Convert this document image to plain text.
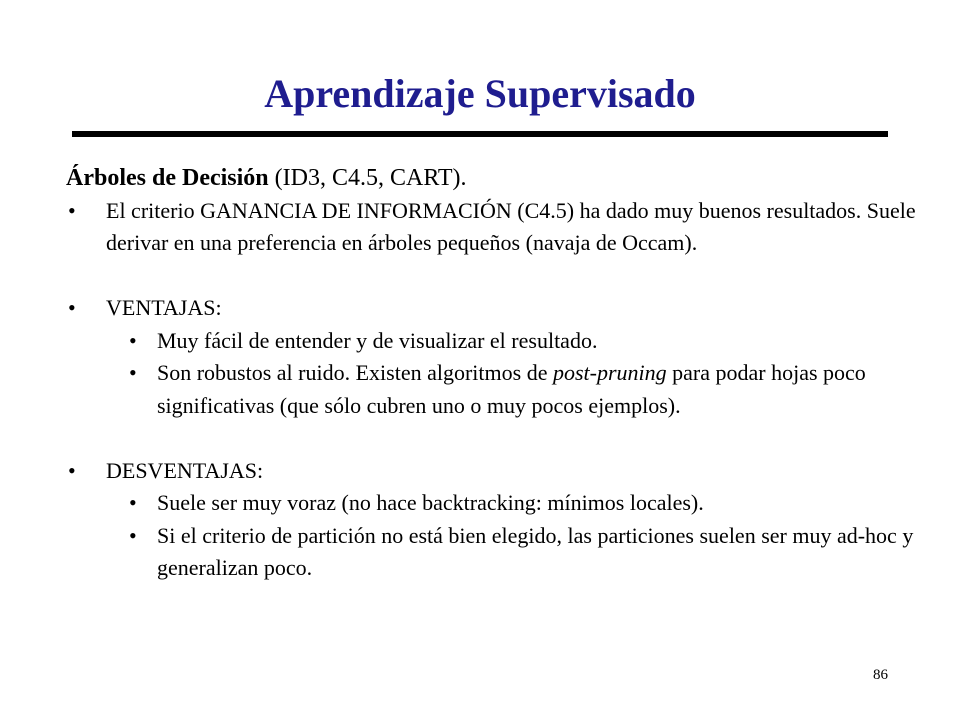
Aprendizaje Supervisado
Árboles de Decisión (ID3, C4.5, CART).
• El criterio GANANCIA DE INFORMACIÓN (C4.5) ha dado muy buenos resultados. Suele derivar en una preferencia en árboles pequeños (navaja de Occam).
• VENTAJAS:
• Muy fácil de entender y de visualizar el resultado.
• Son robustos al ruido. Existen algoritmos de post-pruning para podar hojas poco significativas (que sólo cubren uno o muy pocos ejemplos).
• DESVENTAJAS:
• Suele ser muy voraz (no hace backtracking: mínimos locales).
• Si el criterio de partición no está bien elegido, las particiones suelen ser muy ad-hoc y generalizan poco.
86
